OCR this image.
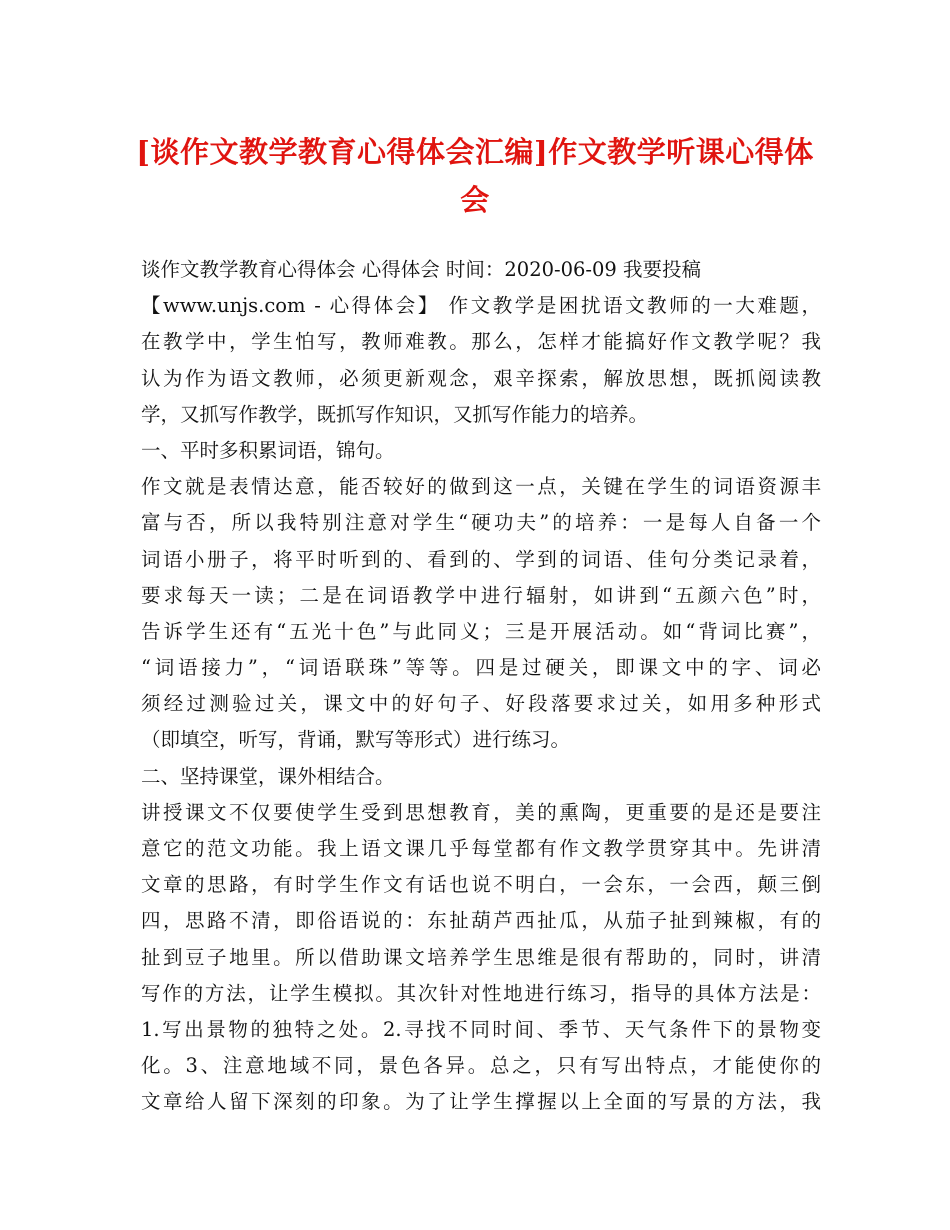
[谈作文教学教育心得体会汇编]作文教学听课心得体
会
谈作文教学教育心得体会 心得体会 时间：2020-06-09 我要投稿
【www.unjs.com - 心得体会】 作文教学是困扰语文教师的一大难题，
在教学中，学生怕写，教师难教。那么，怎样才能搞好作文教学呢？我
认为作为语文教师，必须更新观念，艰辛探索，解放思想，既抓阅读教
学，又抓写作教学，既抓写作知识，又抓写作能力的培养。
一、平时多积累词语，锦句。
作文就是表情达意，能否较好的做到这一点，关键在学生的词语资源丰
富与否，所以我特别注意对学生“硬功夫”的培养：一是每人自备一个
词语小册子，将平时听到的、看到的、学到的词语、佳句分类记录着，
要求每天一读；二是在词语教学中进行辐射，如讲到“五颜六色”时，
告诉学生还有“五光十色”与此同义；三是开展活动。如“背词比赛”，
“词语接力”，“词语联珠”等等。四是过硬关，即课文中的字、词必
须经过测验过关，课文中的好句子、好段落要求过关，如用多种形式
（即填空，听写，背诵，默写等形式）进行练习。
二、坚持课堂，课外相结合。
讲授课文不仅要使学生受到思想教育，美的熏陶，更重要的是还是要注
意它的范文功能。我上语文课几乎每堂都有作文教学贯穿其中。先讲清
文章的思路，有时学生作文有话也说不明白，一会东，一会西，颠三倒
四，思路不清，即俗语说的：东扯葫芦西扯瓜，从茄子扯到辣椒，有的
扯到豆子地里。所以借助课文培养学生思维是很有帮助的，同时，讲清
写作的方法，让学生模拟。其次针对性地进行练习，指导的具体方法是：
1.写出景物的独特之处。2.寻找不同时间、季节、天气条件下的景物变
化。3、注意地域不同，景色各异。总之，只有写出特点，才能使你的
文章给人留下深刻的印象。为了让学生撑握以上全面的写景的方法，我
